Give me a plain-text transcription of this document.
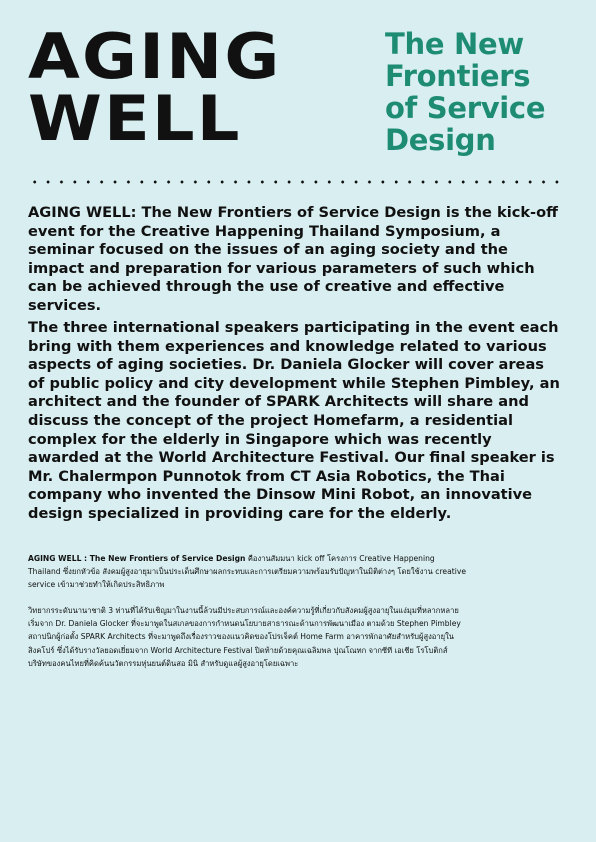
AGING
WELL
The New
Frontiers
of Service
Design

AGING WELL: The New Frontiers of Service Design is the kick-off event for the Creative Happening Thailand Symposium, a seminar focused on the issues of an aging society and the impact and preparation for various parameters of such which can be achieved through the use of creative and effective services.

The three international speakers participating in the event each bring with them experiences and knowledge related to various aspects of aging societies. Dr. Daniela Glocker will cover areas of public policy and city development while Stephen Pimbley, an architect and the founder of SPARK Architects will share and discuss the concept of the project Homefarm, a residential complex for the elderly in Singapore which was recently awarded at the World Architecture Festival. Our final speaker is Mr. Chalermpon Punnotok from CT Asia Robotics, the Thai company who invented the Dinsow Mini Robot, an innovative design specialized in providing care for the elderly.

AGING WELL : The New Frontiers of Service Design คืองานสัมมนา kick off โครงการ Creative Happening Thailand ซึ่งยกหัวข้อ สังคมผู้สูงอายุมาเป็นประเด็นศึกษาผลกระทบและการเตรียมความพร้อมรับปัญหาในมิติต่างๆ โดยใช้งาน creative service เข้ามาช่วยทำให้เกิดประสิทธิภาพ

วิทยากรระดับนานาชาติ 3 ท่านที่ได้รับเชิญมาในงานนี้ล้วนมีประสบการณ์และองค์ความรู้ที่เกี่ยวกับสังคมผู้สูงอายุในแง่มุมที่หลากหลาย เริ่มจาก Dr. Daniela Glocker ที่จะมาพูดในสเกลของการกำหนดนโยบายสาธารณะด้านการพัฒนาเมือง ตามด้วย Stephen Pimbley สถาปนิกผู้ก่อตั้ง SPARK Architects ที่จะมาพูดถึงเรื่องราวของแนวคิดของโปรเจ็คต์ Home Farm อาคารพักอาศัยสำหรับผู้สูงอายุในสิงคโปร์ ซึ่งได้รับรางวัลยอดเยี่ยมจาก World Architecture Festival ปิดท้ายด้วยคุณเฉลิมพล ปุณโณทก จากซีที เอเชีย โรโบติกส์ บริษัทของคนไทยที่คิดค้นนวัตกรรมหุ่นยนต์ดินสอ มินิ สำหรับดูแลผู้สูงอายุโดยเฉพาะ
